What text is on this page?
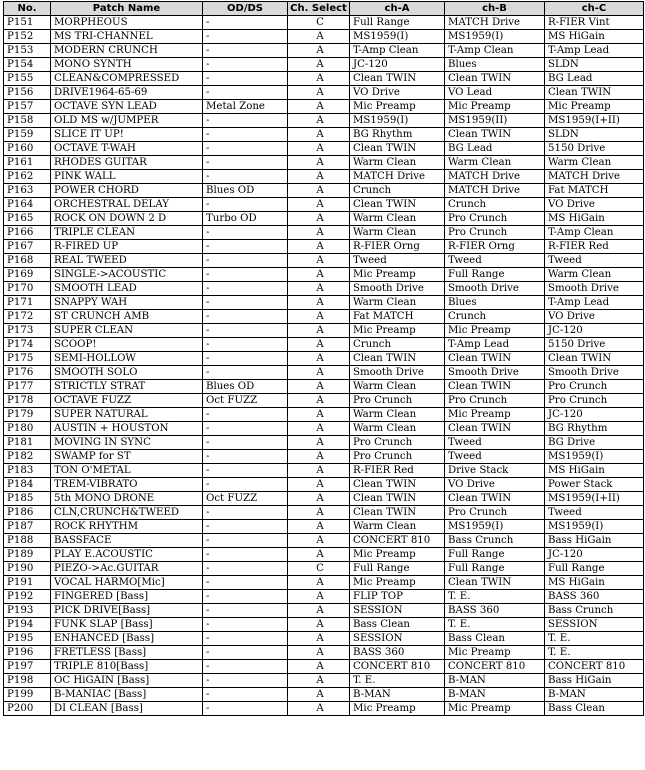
No.	Patch Name	OD/DS	Ch. Select	ch-A	ch-B	ch-C
P151	MORPHEOUS	-	C	Full Range	MATCH Drive	R-FIER Vint
P152	MS TRI-CHANNEL	-	A	MS1959(I)	MS1959(I)	MS HiGain
P153	MODERN CRUNCH	-	A	T-Amp Clean	T-Amp Clean	T-Amp Lead
P154	MONO SYNTH	-	A	JC-120	Blues	SLDN
P155	CLEAN&COMPRESSED	-	A	Clean TWIN	Clean TWIN	BG Lead
P156	DRIVE1964-65-69	-	A	VO Drive	VO Lead	Clean TWIN
P157	OCTAVE SYN LEAD	Metal Zone	A	Mic Preamp	Mic Preamp	Mic Preamp
P158	OLD MS w/JUMPER	-	A	MS1959(I)	MS1959(II)	MS1959(I+II)
P159	SLICE IT UP!	-	A	BG Rhythm	Clean TWIN	SLDN
P160	OCTAVE T-WAH	-	A	Clean TWIN	BG Lead	5150 Drive
P161	RHODES GUITAR	-	A	Warm Clean	Warm Clean	Warm Clean
P162	PINK WALL	-	A	MATCH Drive	MATCH Drive	MATCH Drive
P163	POWER CHORD	Blues OD	A	Crunch	MATCH Drive	Fat MATCH
P164	ORCHESTRAL DELAY	-	A	Clean TWIN	Crunch	VO Drive
P165	ROCK ON DOWN 2 D	Turbo OD	A	Warm Clean	Pro Crunch	MS HiGain
P166	TRIPLE CLEAN	-	A	Warm Clean	Pro Crunch	T-Amp Clean
P167	R-FIRED UP	-	A	R-FIER Orng	R-FIER Orng	R-FIER Red
P168	REAL TWEED	-	A	Tweed	Tweed	Tweed
P169	SINGLE->ACOUSTIC	-	A	Mic Preamp	Full Range	Warm Clean
P170	SMOOTH LEAD	-	A	Smooth Drive	Smooth Drive	Smooth Drive
P171	SNAPPY WAH	-	A	Warm Clean	Blues	T-Amp Lead
P172	ST CRUNCH AMB	-	A	Fat MATCH	Crunch	VO Drive
P173	SUPER CLEAN	-	A	Mic Preamp	Mic Preamp	JC-120
P174	SCOOP!	-	A	Crunch	T-Amp Lead	5150 Drive
P175	SEMI-HOLLOW	-	A	Clean TWIN	Clean TWIN	Clean TWIN
P176	SMOOTH SOLO	-	A	Smooth Drive	Smooth Drive	Smooth Drive
P177	STRICTLY STRAT	Blues OD	A	Warm Clean	Clean TWIN	Pro Crunch
P178	OCTAVE FUZZ	Oct FUZZ	A	Pro Crunch	Pro Crunch	Pro Crunch
P179	SUPER NATURAL	-	A	Warm Clean	Mic Preamp	JC-120
P180	AUSTIN + HOUSTON	-	A	Warm Clean	Clean TWIN	BG Rhythm
P181	MOVING IN SYNC	-	A	Pro Crunch	Tweed	BG Drive
P182	SWAMP for ST	-	A	Pro Crunch	Tweed	MS1959(I)
P183	TON O'METAL	-	A	R-FIER Red	Drive Stack	MS HiGain
P184	TREM-VIBRATO	-	A	Clean TWIN	VO Drive	Power Stack
P185	5th MONO DRONE	Oct FUZZ	A	Clean TWIN	Clean TWIN	MS1959(I+II)
P186	CLN,CRUNCH&TWEED	-	A	Clean TWIN	Pro Crunch	Tweed
P187	ROCK RHYTHM	-	A	Warm Clean	MS1959(I)	MS1959(I)
P188	BASSFACE	-	A	CONCERT 810	Bass Crunch	Bass HiGain
P189	PLAY E.ACOUSTIC	-	A	Mic Preamp	Full Range	JC-120
P190	PIEZO->Ac.GUITAR	-	C	Full Range	Full Range	Full Range
P191	VOCAL HARMO[Mic]	-	A	Mic Preamp	Clean TWIN	MS HiGain
P192	FINGERED [Bass]	-	A	FLIP TOP	T. E.	BASS 360
P193	PICK DRIVE[Bass]	-	A	SESSION	BASS 360	Bass Crunch
P194	FUNK SLAP [Bass]	-	A	Bass Clean	T. E.	SESSION
P195	ENHANCED [Bass]	-	A	SESSION	Bass Clean	T. E.
P196	FRETLESS [Bass]	-	A	BASS 360	Mic Preamp	T. E.
P197	TRIPLE 810[Bass]	-	A	CONCERT 810	CONCERT 810	CONCERT 810
P198	OC HiGAIN [Bass]	-	A	T. E.	B-MAN	Bass HiGain
P199	B-MANIAC [Bass]	-	A	B-MAN	B-MAN	B-MAN
P200	DI CLEAN [Bass]	-	A	Mic Preamp	Mic Preamp	Bass Clean
